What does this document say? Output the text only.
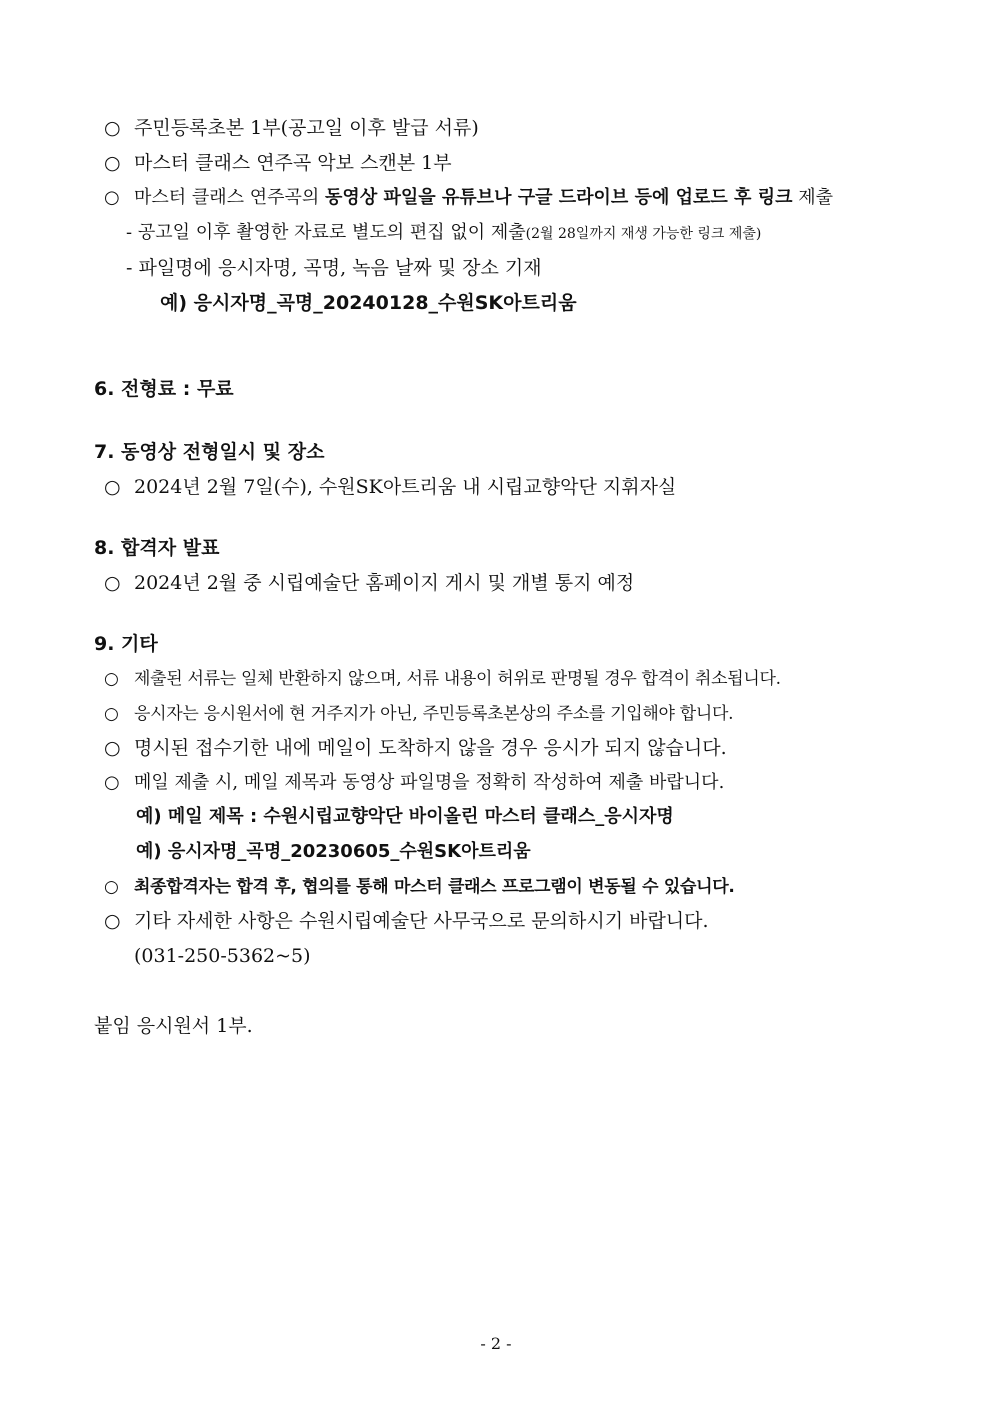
○ 주민등록초본 1부(공고일 이후 발급 서류)
○ 마스터 클래스 연주곡 악보 스캔본 1부
○ 마스터 클래스 연주곡의 동영상 파일을 유튜브나 구글 드라이브 등에 업로드 후 링크 제출
- 공고일 이후 촬영한 자료로 별도의 편집 없이 제출(2월 28일까지 재생 가능한 링크 제출)
- 파일명에 응시자명, 곡명, 녹음 날짜 및 장소 기재
예) 응시자명_곡명_20240128_수원SK아트리움
6. 전형료 : 무료
7. 동영상 전형일시 및 장소
○ 2024년 2월 7일(수), 수원SK아트리움 내 시립교향악단 지휘자실
8. 합격자 발표
○ 2024년 2월 중 시립예술단 홈페이지 게시 및 개별 통지 예정
9. 기타
○ 제출된 서류는 일체 반환하지 않으며, 서류 내용이 허위로 판명될 경우 합격이 취소됩니다.
○ 응시자는 응시원서에 현 거주지가 아닌, 주민등록초본상의 주소를 기입해야 합니다.
○ 명시된 접수기한 내에 메일이 도착하지 않을 경우 응시가 되지 않습니다.
○ 메일 제출 시, 메일 제목과 동영상 파일명을 정확히 작성하여 제출 바랍니다.
예) 메일 제목 : 수원시립교향악단 바이올린 마스터 클래스_응시자명
예) 응시자명_곡명_20230605_수원SK아트리움
○ 최종합격자는 합격 후, 협의를 통해 마스터 클래스 프로그램이 변동될 수 있습니다.
○ 기타 자세한 사항은 수원시립예술단 사무국으로 문의하시기 바랍니다.
(031-250-5362~5)
붙임 응시원서 1부.
- 2 -
